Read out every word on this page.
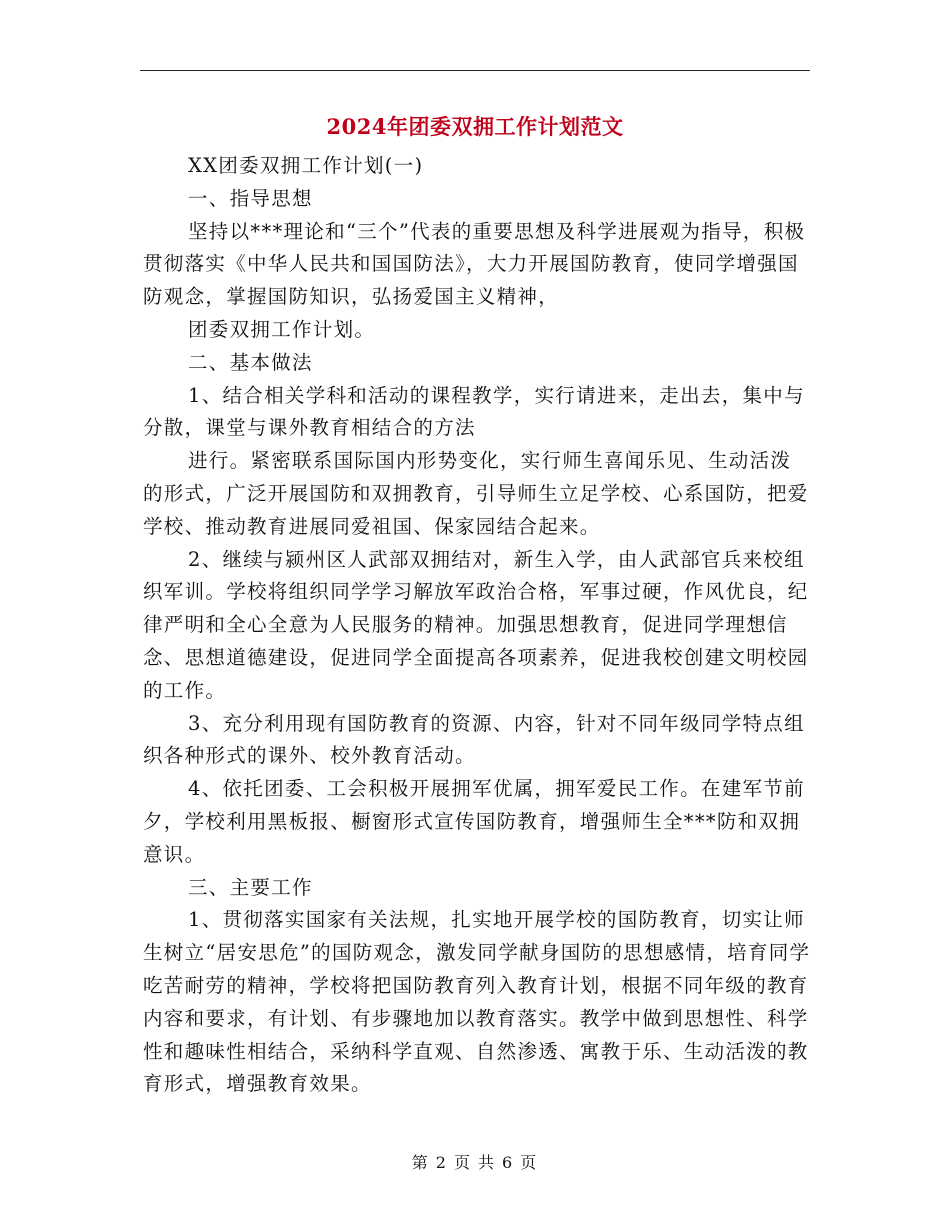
2024年团委双拥工作计划范文

XX团委双拥工作计划(一)

一、指导思想

坚持以***理论和“三个”代表的重要思想及科学进展观为指导，积极贯彻落实《中华人民共和国国防法》，大力开展国防教育，使同学增强国防观念，掌握国防知识，弘扬爱国主义精神，

团委双拥工作计划。

二、基本做法

1、结合相关学科和活动的课程教学，实行请进来，走出去，集中与分散，课堂与课外教育相结合的方法

进行。紧密联系国际国内形势变化，实行师生喜闻乐见、生动活泼的形式，广泛开展国防和双拥教育，引导师生立足学校、心系国防，把爱学校、推动教育进展同爱祖国、保家园结合起来。

2、继续与颍州区人武部双拥结对，新生入学，由人武部官兵来校组织军训。学校将组织同学学习解放军政治合格，军事过硬，作风优良，纪律严明和全心全意为人民服务的精神。加强思想教育，促进同学理想信念、思想道德建设，促进同学全面提高各项素养，促进我校创建文明校园的工作。

3、充分利用现有国防教育的资源、内容，针对不同年级同学特点组织各种形式的课外、校外教育活动。

4、依托团委、工会积极开展拥军优属，拥军爱民工作。在建军节前夕，学校利用黑板报、橱窗形式宣传国防教育，增强师生全***防和双拥意识。

三、主要工作

1、贯彻落实国家有关法规，扎实地开展学校的国防教育，切实让师生树立“居安思危”的国防观念，激发同学献身国防的思想感情，培育同学吃苦耐劳的精神，学校将把国防教育列入教育计划，根据不同年级的教育内容和要求，有计划、有步骤地加以教育落实。教学中做到思想性、科学性和趣味性相结合，采纳科学直观、自然渗透、寓教于乐、生动活泼的教育形式，增强教育效果。

第 2 页 共 6 页
